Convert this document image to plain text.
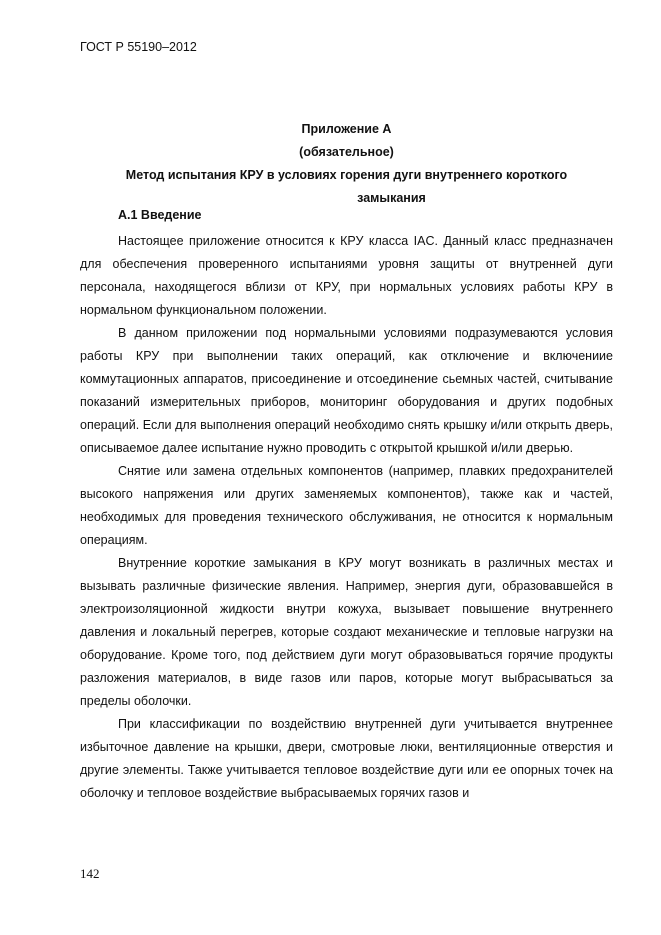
ГОСТ Р 55190–2012
Приложение А
(обязательное)
Метод испытания КРУ в условиях горения дуги внутреннего короткого
замыкания
А.1 Введение

Настоящее приложение относится к КРУ класса IAC. Данный класс предназначен для обеспечения проверенного испытаниями уровня защиты от внутренней дуги персонала, находящегося вблизи от КРУ, при нормальных условиях работы КРУ в нормальном функциональном положении.

В данном приложении под нормальными условиями подразумеваются условия работы КРУ при выполнении таких операций, как отключение и включениие коммутационных аппаратов, присоединение и отсоединение сьемных частей, считывание показаний измерительных приборов, мониторинг оборудования и других подобных операций. Если для выполнения операций необходимо снять крышку и/или открыть дверь, описываемое далее испытание нужно проводить с открытой крышкой и/или дверью.

Снятие или замена отдельных компонентов (например, плавких предохранителей высокого напряжения или других заменяемых компонентов), также как и частей, необходимых для проведения технического обслуживания, не относится к нормальным операциям.

Внутренние короткие замыкания в КРУ могут возникать в различных местах и вызывать различные физические явления. Например, энергия дуги, образовавшейся в электроизоляционной жидкости внутри кожуха, вызывает повышение внутреннего давления и локальный перегрев, которые создают механические и тепловые нагрузки на оборудование. Кроме того, под действием дуги могут образовываться горячие продукты разложения материалов, в виде газов или паров, которые могут выбрасываться за пределы оболочки.

При классификации по воздействию внутренней дуги учитывается внутреннее избыточное давление на крышки, двери, смотровые люки, вентиляционные отверстия и другие элементы. Также учитывается тепловое воздействие дуги или ее опорных точек на оболочку и тепловое воздействие выбрасываемых горячих газов и

142
